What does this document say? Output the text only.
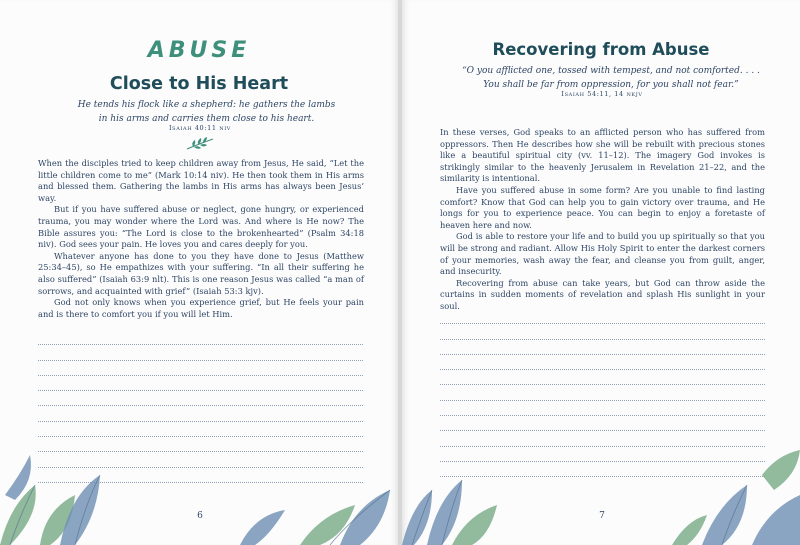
ABUSE
Close to His Heart
He tends his flock like a shepherd: he gathers the lambs
in his arms and carries them close to his heart.
Isaiah 40:11 niv

When the disciples tried to keep children away from Jesus, He said, “Let the little children come to me” (Mark 10:14 niv). He then took them in His arms and blessed them. Gathering the lambs in His arms has always been Jesus’ way.

But if you have suffered abuse or neglect, gone hungry, or experienced trauma, you may wonder where the Lord was. And where is He now? The Bible assures you: “The Lord is close to the brokenhearted” (Psalm 34:18 niv). God sees your pain. He loves you and cares deeply for you.

Whatever anyone has done to you they have done to Jesus (Matthew 25:34–45), so He empathizes with your suffering. “In all their suffering he also suffered” (Isaiah 63:9 nlt). This is one reason Jesus was called “a man of sorrows, and acquainted with grief” (Isaiah 53:3 kjv).

God not only knows when you experience grief, but He feels your pain and is there to comfort you if you will let Him.

6
Recovering from Abuse
“O you afflicted one, tossed with tempest, and not comforted. . . .
You shall be far from oppression, for you shall not fear.”
Isaiah 54:11, 14 nkjv

In these verses, God speaks to an afflicted person who has suffered from oppressors. Then He describes how she will be rebuilt with precious stones like a beautiful spiritual city (vv. 11–12). The imagery God invokes is strikingly similar to the heavenly Jerusalem in Revelation 21–22, and the similarity is intentional.

Have you suffered abuse in some form? Are you unable to find lasting comfort? Know that God can help you to gain victory over trauma, and He longs for you to experience peace. You can begin to enjoy a foretaste of heaven here and now.

God is able to restore your life and to build you up spiritually so that you will be strong and radiant. Allow His Holy Spirit to enter the darkest corners of your memories, wash away the fear, and cleanse you from guilt, anger, and insecurity.

Recovering from abuse can take years, but God can throw aside the curtains in sudden moments of revelation and splash His sunlight in your soul.

7
